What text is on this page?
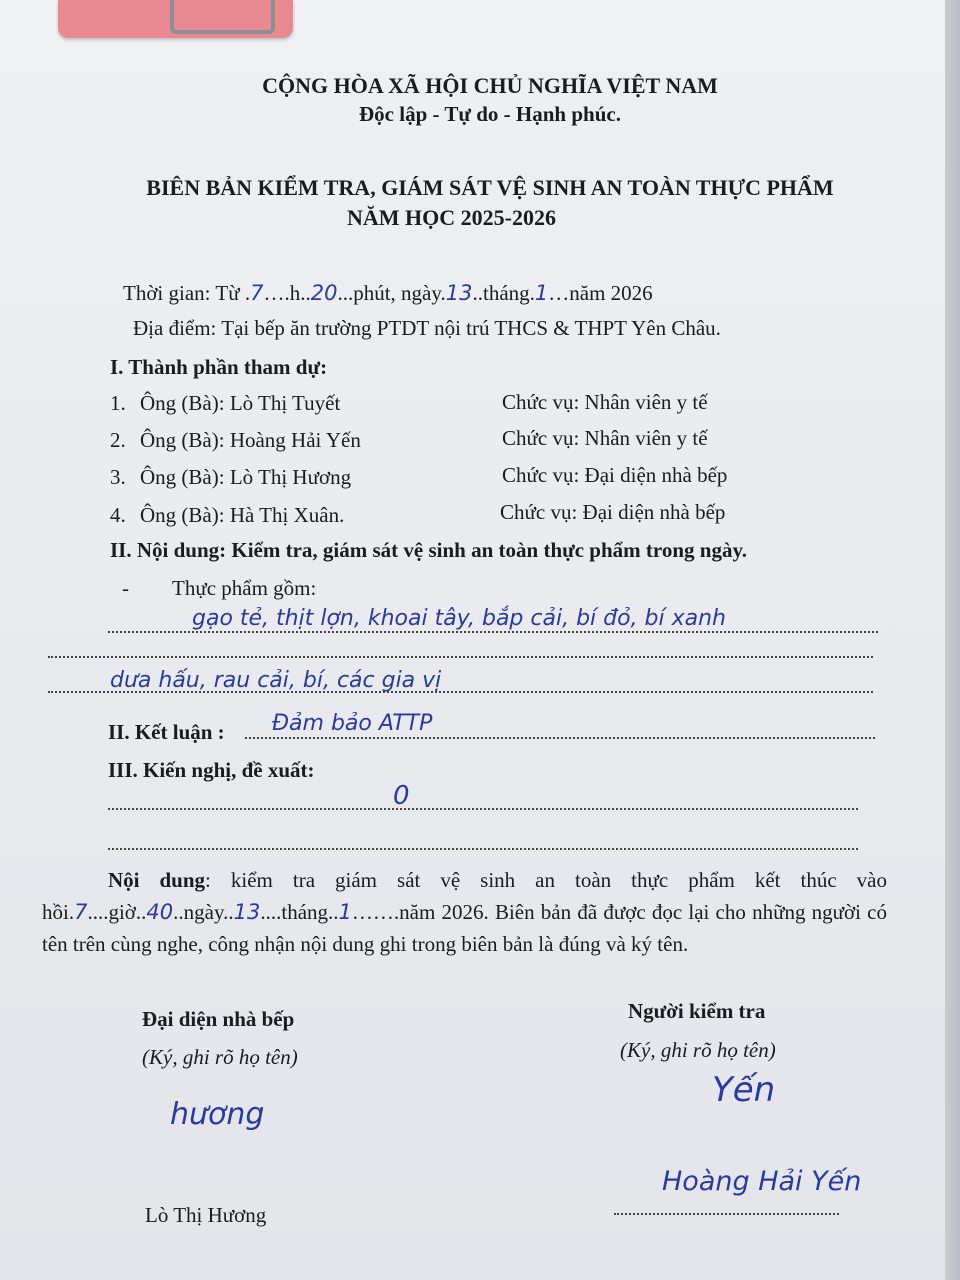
CỘNG HÒA XÃ HỘI CHỦ NGHĨA VIỆT NAM
Độc lập - Tự do - Hạnh phúc.
BIÊN BẢN KIỂM TRA, GIÁM SÁT VỆ SINH AN TOÀN THỰC PHẨM
NĂM HỌC 2025-2026
Thời gian: Từ .7….h..20...phút, ngày.13..tháng.1…năm 2026
Địa điểm: Tại bếp ăn trường PTDT nội trú THCS & THPT Yên Châu.
I. Thành phần tham dự:
1. Ông (Bà): Lò Thị Tuyết	Chức vụ: Nhân viên y tế
2. Ông (Bà): Hoàng Hải Yến	Chức vụ: Nhân viên y tế
3. Ông (Bà): Lò Thị Hương	Chức vụ: Đại diện nhà bếp
4. Ông (Bà): Hà Thị Xuân.	Chức vụ: Đại diện nhà bếp
II. Nội dung: Kiểm tra, giám sát vệ sinh an toàn thực phẩm trong ngày.
- Thực phẩm gồm:
gạo tẻ, thịt lợn, khoai tây, bắp cải, bí đỏ, bí xanh
dưa hấu, rau cải, bí, các gia vị
II. Kết luận : Đảm bảo ATTP
III. Kiến nghị, đề xuất:
0
Nội dung: kiểm tra giám sát vệ sinh an toàn thực phẩm kết thúc vào hồi.7....giờ..40..ngày..13....tháng..1…….năm 2026. Biên bản đã được đọc lại cho những người có tên trên cùng nghe, công nhận nội dung ghi trong biên bản là đúng và ký tên.
Đại diện nhà bếp
(Ký, ghi rõ họ tên)
hương
Lò Thị Hương
Người kiểm tra
(Ký, ghi rõ họ tên)
Yến
Hoàng Hải Yến
